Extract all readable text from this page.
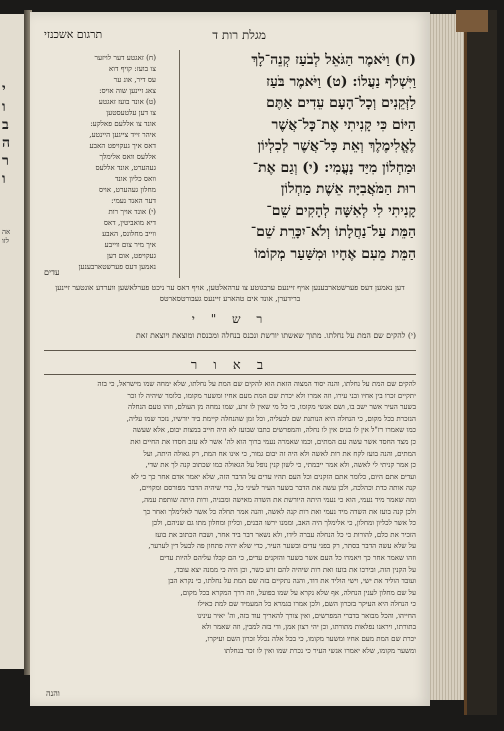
י
ו
ב
ה
ר
ו
אה
לזו
מגלת רות ד
תרגום אשכנזי
(ח) וַיֹּאמֶר הַגֹּאֵל לְבֹעַז קְנֵה־לָךְ
וַיִּשְׁלֹף נַעֲלוֹ: (ט) וַיֹּאמֶר בֹּעַז
לַזְּקֵנִים וְכָל־הָעָם עֵדִים אַתֶּם
הַיּוֹם כִּי קָנִיתִי אֶת־כָּל־אֲשֶׁר
לֶאֱלִימֶלֶךְ וְאֵת כָּל־אֲשֶׁר לְכִלְיוֹן
וּמַחְלוֹן מִיַּד נָעֳמִי: (י) וְגַם אֶת־
רוּת הַמֹּאֲבִיָּה אֵשֶׁת מַחְלוֹן
קָנִיתִי לִי לְאִשָּׁה לְהָקִים שֵׁם־
הַמֵּת עַל־נַחֲלָתוֹ וְלֹא־יִכָּרֵת שֵׁם־
הַמֵּת מֵעִם אֶחָיו וּמִשַּׁעַר מְקוֹמוֹ
(ח) זאגטע דער לויזער
צו בועז: קויף דוא
עס דיר, אונ ער
צאג זיינען שוה אויס:
(ט) אונד בועז זאגטע
צו דען עלטעסטען
אונד צו אללעם פאלקע:
איהר זייד צייגען היינטע,
דאס איך געקויפט האבע
אללעס וואס אלימלך
געהערט, אונד אללעס
וואס כליון אונד
מחלון געהערט, אויס
דער האנד נעמי:
(י) אונד אויך רות
דיא מואביטין, דאס
ווייב מחלונס, האבע
איך מיר צום ווייבע
געקויפט, אום דען
נאמען דעס פערשטארבענען
עדים
דען נאמען דעס פערשטארבענען אויף זיינעם ערבגוטע צו ערהאלטען, אויף דאס ער ניכט פערלאשען ווערדע אונטער זיינען ברידערן, אונד אים טהארע זיינעס געבורטסארטס
ר ש " י
(י) להקים שם המת על נחלתו. מתוך שאשתו יורשת ונכנס בנחלה ומכנסת ומוצאת ויוצאת זאת
ב א ו ר
להקים שם המת על נחלתו, והנה יסוד המצוה הזאת הוא להקים שם המת על נחלתו, שלא ימחה שמו מישראל, כי בזה
יתקיים זכרו בין אחיו ובני עירו, וזה אמרו ולא יכרת שם המת מעם אחיו ומשער מקומו, כלומר שיהיה לו זכר
בשער העיר אשר ישב בו, ושם אנשי מקומו, כי כל מי שאין לו זרע, שמו נמחה מן העולם, וזהו טעם הנחלה
הנזכרת בכל מקום, כי הנחלה היא הנותנת שם לבעליה, וכל זמן שהנחלה קיימת ביד יורשיו, נזכר שמו עליה,
כמו שאמרו רז"ל אין לו בנים אין לו נחלה, והמפרשים כתבו שבועז לא היה חייב במצות יבום, אלא שעשה
כן מצד החסד אשר עשה עם המתים, וכמו שאמרה נעמי ברוך הוא לה' אשר לא עזב חסדו את החיים ואת
המתים, והנה בועז לקח את רות לאשה ולא היה זה יבום גמור, כי אינו אח המת, רק גאולה היתה, ועל
כן אמר קניתי לי לאשה, ולא אמר ייבמתי, כי לשון קנין נופל על הגאולה כמו שכתוב קנה לך את שדי,
ועדים אתם היום, כלומר אתם הזקנים וכל העם תהיו עדים על הדבר הזה, שלא יאמר אדם אחר כך כי לא
קנה אותה כדת וכהלכה, ולכן עשה את הדבר בשער העיר לעיני כל, כדי שיהיה הדבר מפורסם ומקויים,
ומה שאמר מיד נעמי, הוא כי נעמי היתה היורשת את השדה מאישה ומבניה, ורות היתה שותפת עמה,
ולכן קנה בועז את השדה מיד נעמי ואת רות קנה לאשה, והנה אמר תחלה כל אשר לאלימלך ואחר כך
כל אשר לכליון ומחלון, כי אלימלך היה האב, וממנו ירשו הבנים, וכליון ומחלון מתו גם שניהם, ולכן
הזכיר את כלם, להורות כי כל הנחלה עברה לידו, ולא נשאר דבר ביד אחר, ושבח הכתוב את בועז
על שלא עשה הדבר בסתר, רק בפני עדים ובשער העיר, כדי שלא יהיה פתחון פה לבעל דין לערער,
וזהו שאמר אחר כך ויאמרו כל העם אשר בשער והזקנים עדים, כי הם קבלו עליהם להיות עדים
על הקנין הזה, ובירכו את בועז ואת רות שיהיה להם זרע כשר, וכן היה כי ממנה יצא עובד,
ועובד הוליד את ישי, וישי הוליד את דוד, והנה נתקיים בזה שם המת על נחלתו, כי נקרא הבן
על שם מחלון לענין הנחלה, אף שלא נקרא על שמו בפועל, וזה דרך המקרא בכל מקום,
כי הנחלה היא העיקר בזכרון השם, ולכן אמרו בגמרא כל המעמיד שם למת כאילו
החייהו, והכל מבואר בדברי המפרשים, ואין צורך להאריך עוד בזה, וה' יאיר עינינו
בתורתו, ויראנו נפלאות מתורתו, וכן יהי רצון אמן, ודי בזה למבין, וזה שאמר ולא
יכרת שם המת מעם אחיו ומשער מקומו, כי בכל אלה נכלל זכרון השם ועיקרו,
ומשער מקומו, שלא יאמרו אנשי העיר כי נכרת שמו ואין לו זכר בנחלתו
והנה
